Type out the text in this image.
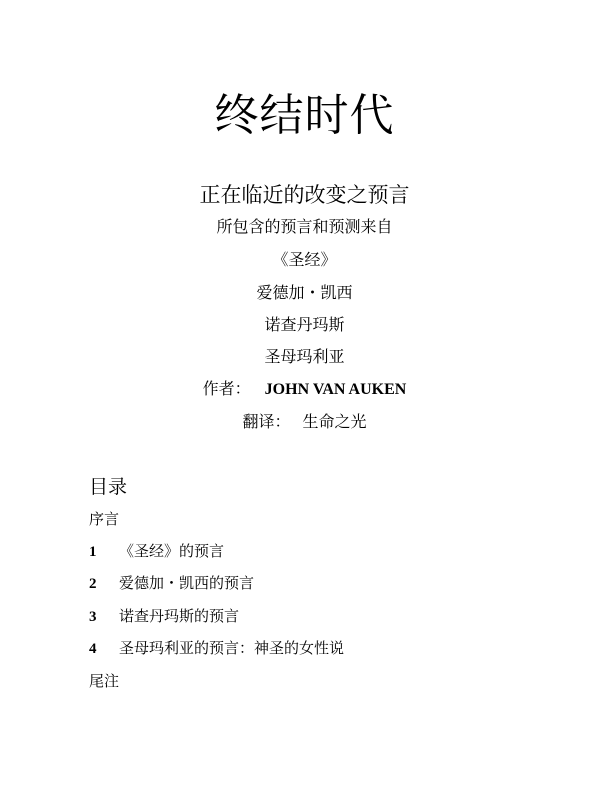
终结时代
正在临近的改变之预言
所包含的预言和预测来自
《圣经》
爱德加・凯西
诺查丹玛斯
圣母玛利亚
作者： JOHN VAN AUKEN
翻译： 生命之光
目录
序言
1 《圣经》的预言
2 爱德加・凯西的预言
3 诺查丹玛斯的预言
4 圣母玛利亚的预言：神圣的女性说
尾注
